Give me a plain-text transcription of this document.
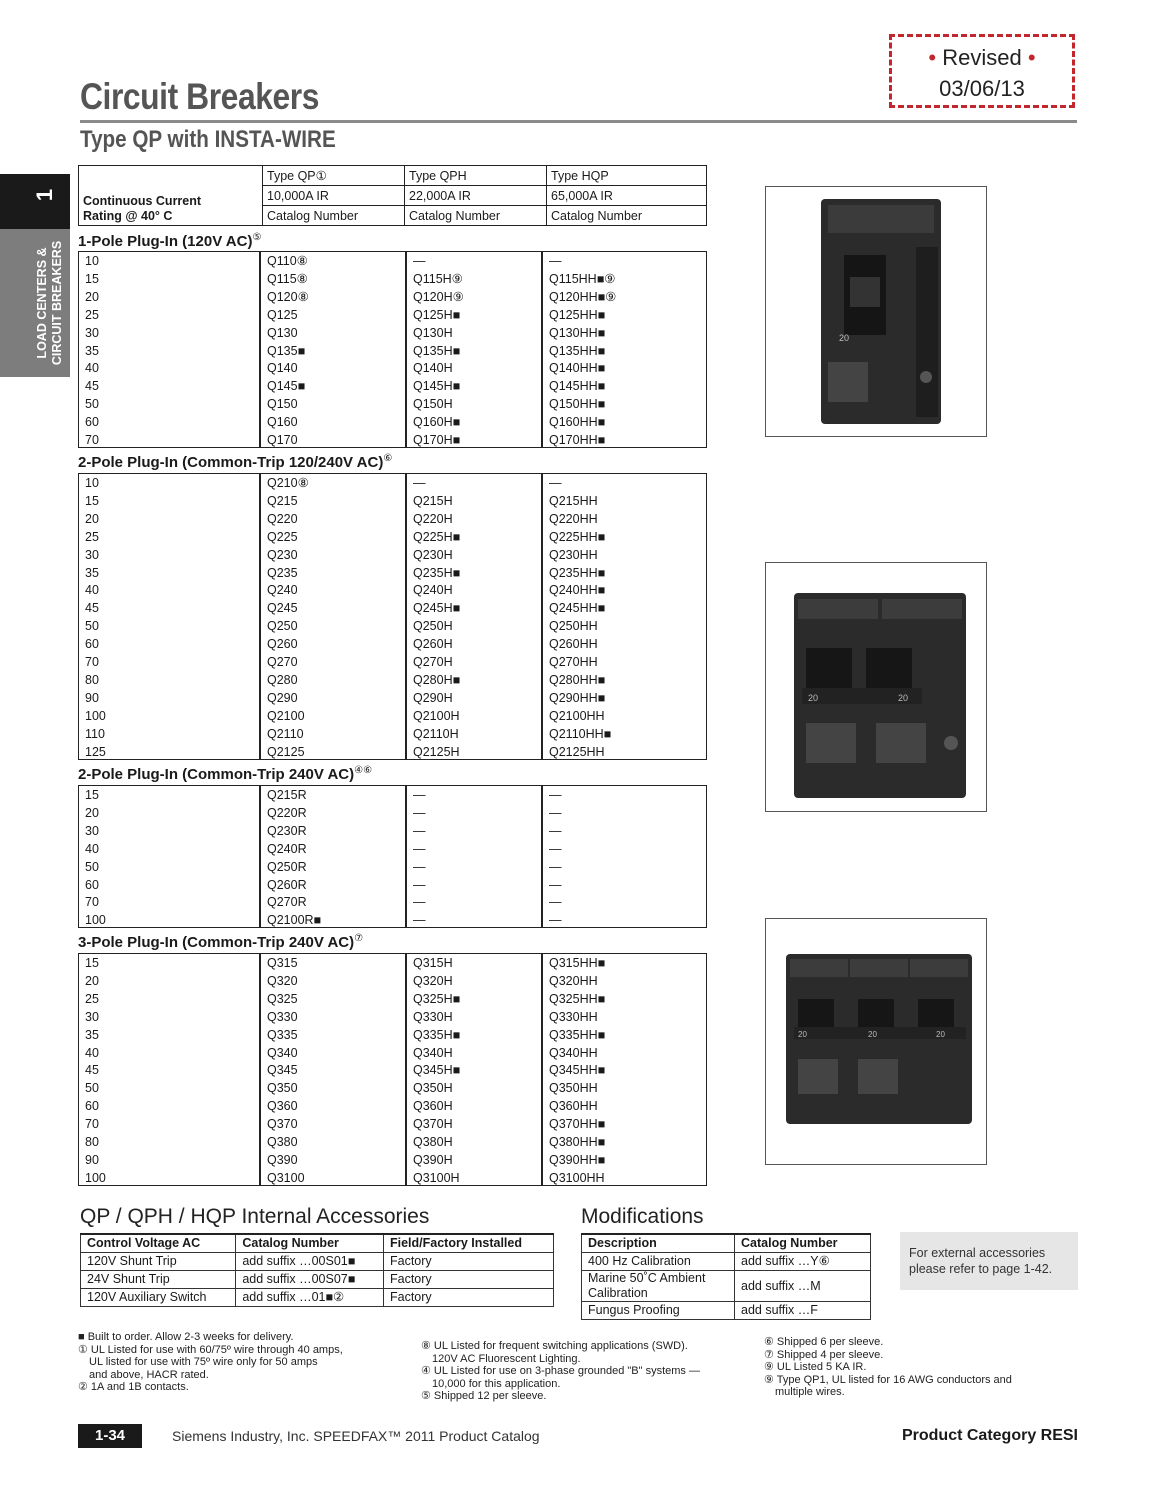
Circuit Breakers
Type QP with INSTA-WIRE
• Revised •
03/06/13
1
LOAD CENTERS & CIRCUIT BREAKERS
Continuous Current
Rating @ 40° C	Type QP①	Type QPH	Type HQP
	10,000A IR	22,000A IR	65,000A IR
	Catalog Number	Catalog Number	Catalog Number
1-Pole Plug-In (120V AC)⑤
2-Pole Plug-In (Common-Trip 120/240V AC)⑥
2-Pole Plug-In (Common-Trip 240V AC)④⑥
3-Pole Plug-In (Common-Trip 240V AC)⑦
10	Q110⑧	—	—
15	Q115⑧	Q115H⑨	Q115HH■⑨
20	Q120⑧	Q120H⑨	Q120HH■⑨
25	Q125	Q125H■	Q125HH■
30	Q130	Q130H	Q130HH■
35	Q135■	Q135H■	Q135HH■
40	Q140	Q140H	Q140HH■
45	Q145■	Q145H■	Q145HH■
50	Q150	Q150H	Q150HH■
60	Q160	Q160H■	Q160HH■
70	Q170	Q170H■	Q170HH■
10	Q210⑧	—	—
15	Q215	Q215H	Q215HH
20	Q220	Q220H	Q220HH
25	Q225	Q225H■	Q225HH■
30	Q230	Q230H	Q230HH
35	Q235	Q235H■	Q235HH■
40	Q240	Q240H	Q240HH■
45	Q245	Q245H■	Q245HH■
50	Q250	Q250H	Q250HH
60	Q260	Q260H	Q260HH
70	Q270	Q270H	Q270HH
80	Q280	Q280H■	Q280HH■
90	Q290	Q290H	Q290HH■
100	Q2100	Q2100H	Q2100HH
110	Q2110	Q2110H	Q2110HH■
125	Q2125	Q2125H	Q2125HH
15	Q215R	—	—
20	Q220R	—	—
30	Q230R	—	—
40	Q240R	—	—
50	Q250R	—	—
60	Q260R	—	—
70	Q270R	—	—
100	Q2100R■	—	—
15	Q315	Q315H	Q315HH■
20	Q320	Q320H	Q320HH
25	Q325	Q325H■	Q325HH■
30	Q330	Q330H	Q330HH
35	Q335	Q335H■	Q335HH■
40	Q340	Q340H	Q340HH
45	Q345	Q345H■	Q345HH■
50	Q350	Q350H	Q350HH
60	Q360	Q360H	Q360HH
70	Q370	Q370H	Q370HH■
80	Q380	Q380H	Q380HH■
90	Q390	Q390H	Q390HH■
100	Q3100	Q3100H	Q3100HH
20
20	20
20	20	20
QP / QPH / HQP Internal Accessories
Control Voltage AC	Catalog Number	Field/Factory Installed
120V Shunt Trip	add suffix …00S01■	Factory
24V Shunt Trip	add suffix …00S07■	Factory
120V Auxiliary Switch	add suffix …01■②	Factory
Modifications
Description	Catalog Number
400 Hz Calibration	add suffix …Y⑥
Marine 50˚C Ambient Calibration	add suffix …M
Fungus Proofing	add suffix …F
For external accessories please refer to page 1-42.
■ Built to order. Allow 2-3 weeks for delivery.
① UL Listed for use with 60/75º wire through 40 amps,
UL listed for use with 75º wire only for 50 amps
and above, HACR rated.
② 1A and 1B contacts.
⑧ UL Listed for frequent switching applications (SWD).
120V AC Fluorescent Lighting.
④ UL Listed for use on 3-phase grounded "B" systems —
10,000 for this application.
⑤ Shipped 12 per sleeve.
⑥ Shipped 6 per sleeve.
⑦ Shipped 4 per sleeve.
⑨ UL Listed 5 KA IR.
⑨ Type QP1, UL listed for 16 AWG conductors and
multiple wires.
1-34	Siemens Industry, Inc. SPEEDFAX™ 2011 Product Catalog	Product Category RESI
